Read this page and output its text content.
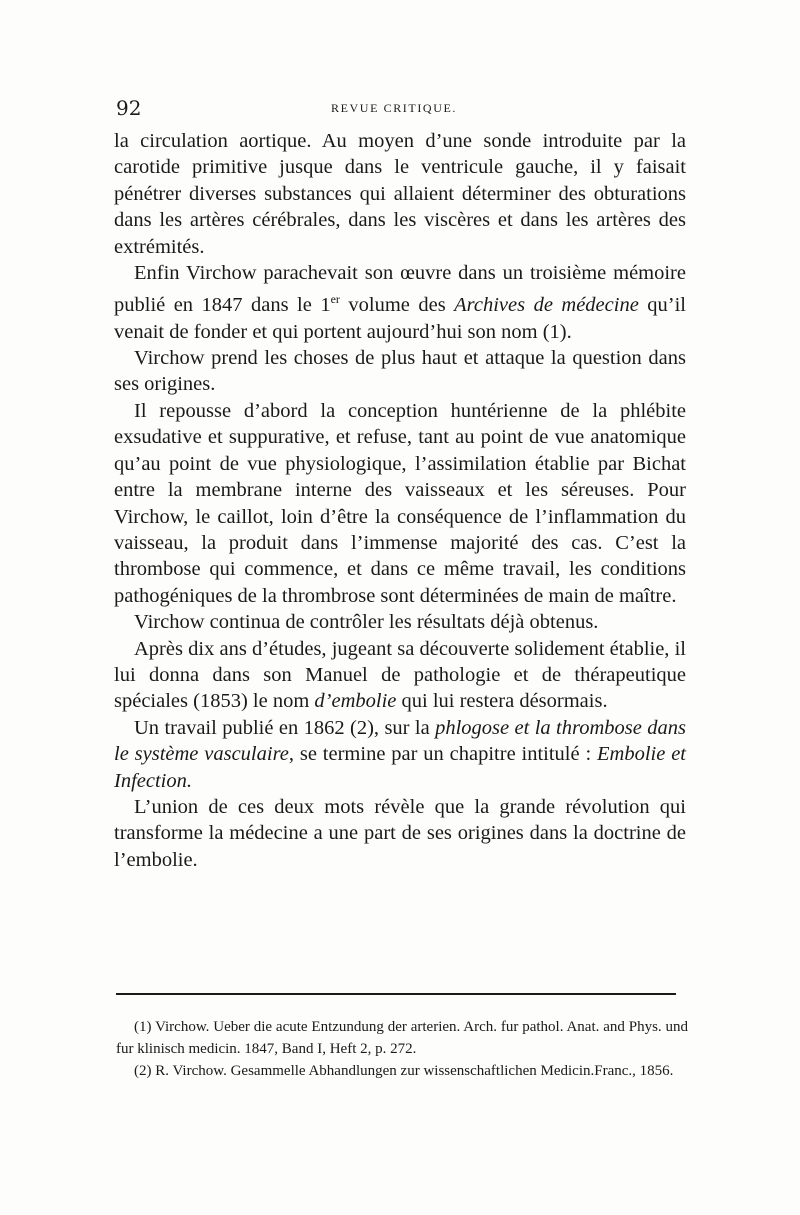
92	REVUE CRITIQUE.

la circulation aortique. Au moyen d’une sonde introduite par la carotide primitive jusque dans le ventricule gauche, il y faisait pénétrer diverses substances qui allaient déterminer des obturations dans les artères cérébrales, dans les viscères et dans les artères des extrémités.

Enfin Virchow parachevait son œuvre dans un troisième mémoire publié en 1847 dans le 1er volume des Archives de médecine qu’il venait de fonder et qui portent aujourd’hui son nom (1).

Virchow prend les choses de plus haut et attaque la question dans ses origines.

Il repousse d’abord la conception huntérienne de la phlébite exsudative et suppurative, et refuse, tant au point de vue anatomique qu’au point de vue physiologique, l’assimilation établie par Bichat entre la membrane interne des vaisseaux et les séreuses. Pour Virchow, le caillot, loin d’être la conséquence de l’inflammation du vaisseau, la produit dans l’immense majorité des cas. C’est la thrombose qui commence, et dans ce même travail, les conditions pathogéniques de la thrombrose sont déterminées de main de maître.

Virchow continua de contrôler les résultats déjà obtenus.

Après dix ans d’études, jugeant sa découverte solidement établie, il lui donna dans son Manuel de pathologie et de thérapeutique spéciales (1853) le nom d’embolie qui lui restera désormais.

Un travail publié en 1862 (2), sur la phlogose et la thrombose dans le système vasculaire, se termine par un chapitre intitulé : Embolie et Infection.

L’union de ces deux mots révèle que la grande révolution qui transforme la médecine a une part de ses origines dans la doctrine de l’embolie.

(1) Virchow. Ueber die acute Entzundung der arterien. Arch. fur pathol. Anat. and Phys. und fur klinisch medicin. 1847, Band I, Heft 2, p. 272.

(2) R. Virchow. Gesammelle Abhandlungen zur wissenschaftlichen Medicin.Franc., 1856.
